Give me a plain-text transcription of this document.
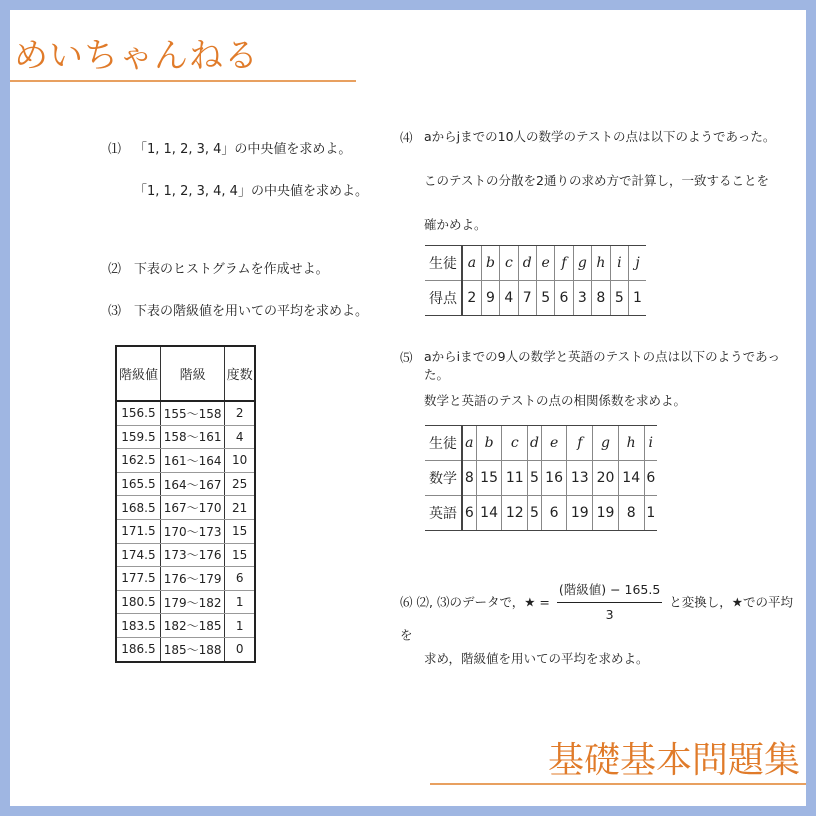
めいちゃんねる
⑴ 「1, 1, 2, 3, 4」の中央値を求めよ。
「1, 1, 2, 3, 4, 4」の中央値を求めよ。
⑵ 下表のヒストグラムを作成せよ。
⑶ 下表の階級値を用いての平均を求めよ。
階級値	階級	度数
156.5	155～158	2
159.5	158～161	4
162.5	161～164	10
165.5	164～167	25
168.5	167～170	21
171.5	170～173	15
174.5	173～176	15
177.5	176～179	6
180.5	179～182	1
183.5	182～185	1
186.5	185～188	0
⑷ aからjまでの10人の数学のテストの点は以下のようであった。
このテストの分散を2通りの求め方で計算し，一致することを
確かめよ。
生徒	a	b	c	d	e	f	g	h	i	j
得点	2	9	4	7	5	6	3	8	5	1
⑸ aからiまでの9人の数学と英語のテストの点は以下のようであった。
数学と英語のテストの点の相関係数を求めよ。
生徒	a	b	c	d	e	f	g	h	i
数学	8	15	11	5	16	13	20	14	6
英語	6	14	12	5	6	19	19	8	1
⑹ ⑵, ⑶のデータで，★ = $\frac{\text{(階級値) − 165.5}}{3}$ と変換し，★での平均を
求め，階級値を用いての平均を求めよ。
基礎基本問題集
